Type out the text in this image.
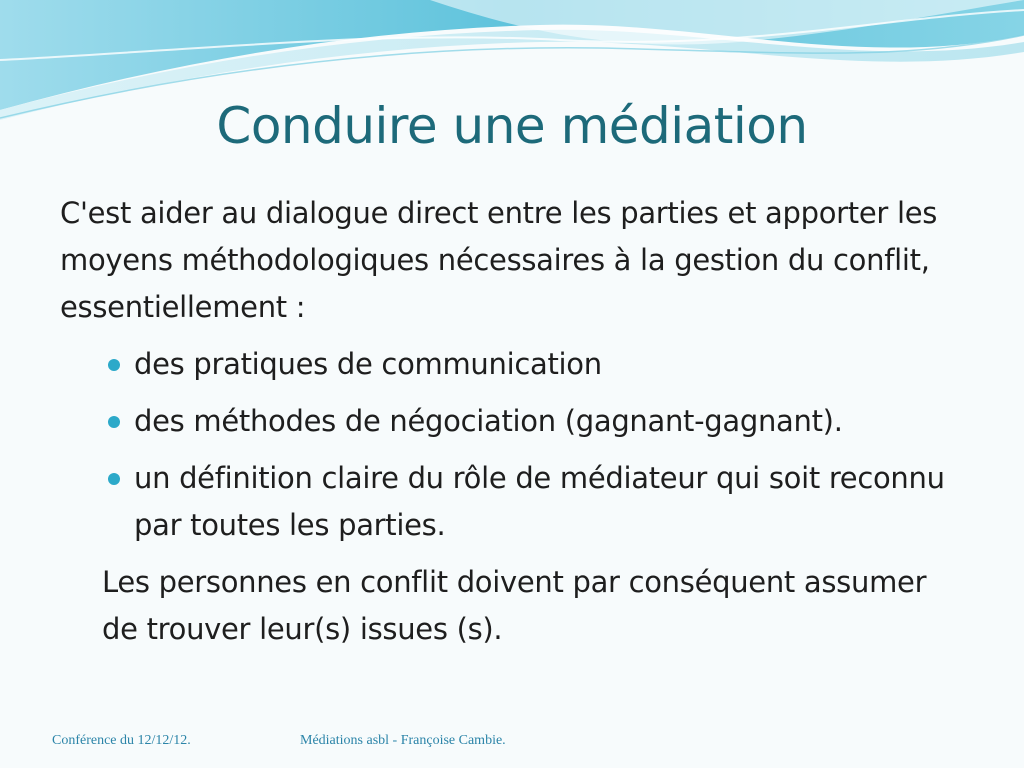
Conduire une médiation

C'est aider au dialogue direct entre les parties et apporter les moyens méthodologiques nécessaires à la gestion du conflit, essentiellement :

des pratiques de communication
des méthodes de négociation (gagnant-gagnant).
un définition claire du rôle de médiateur qui soit reconnu par toutes les parties.

Les personnes en conflit doivent par conséquent assumer de trouver leur(s) issues (s).

Conférence du 12/12/12.	Médiations asbl - Françoise Cambie.
